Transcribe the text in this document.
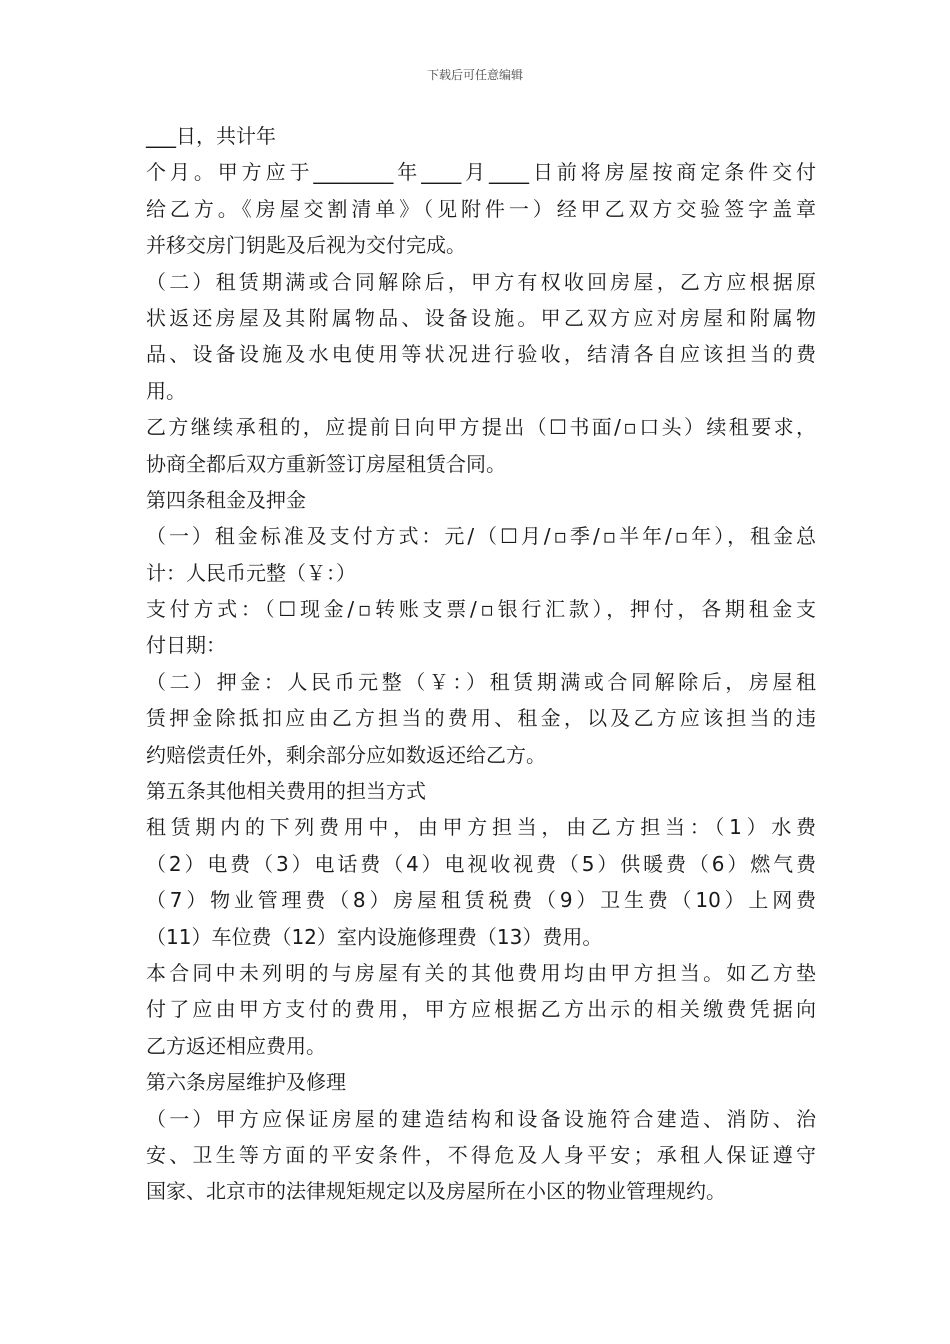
下载后可任意编辑
___日，共计年
个月。甲方应于________年____月____日前将房屋按商定条件交付
给乙方。《房屋交割清单》（见附件一）经甲乙双方交验签字盖章
并移交房门钥匙及后视为交付完成。
（二）租赁期满或合同解除后，甲方有权收回房屋，乙方应根据原
状返还房屋及其附属物品、设备设施。甲乙双方应对房屋和附属物
品、设备设施及水电使用等状况进行验收，结清各自应该担当的费
用。
乙方继续承租的，应提前日向甲方提出（☐书面/▫口头）续租要求，
协商全都后双方重新签订房屋租赁合同。
第四条租金及押金
（一）租金标准及支付方式：元/（☐月/▫季/▫半年/▫年），租金总
计：人民币元整（￥：）
支付方式：（☐现金/▫转账支票/▫银行汇款），押付，各期租金支
付日期：
（二）押金：人民币元整（￥：）租赁期满或合同解除后，房屋租
赁押金除抵扣应由乙方担当的费用、租金，以及乙方应该担当的违
约赔偿责任外，剩余部分应如数返还给乙方。
第五条其他相关费用的担当方式
租赁期内的下列费用中，由甲方担当，由乙方担当：（1）水费
（2）电费（3）电话费（4）电视收视费（5）供暖费（6）燃气费
（7）物业管理费（8）房屋租赁税费（9）卫生费（10）上网费
（11）车位费（12）室内设施修理费（13）费用。
本合同中未列明的与房屋有关的其他费用均由甲方担当。如乙方垫
付了应由甲方支付的费用，甲方应根据乙方出示的相关缴费凭据向
乙方返还相应费用。
第六条房屋维护及修理
（一）甲方应保证房屋的建造结构和设备设施符合建造、消防、治
安、卫生等方面的平安条件，不得危及人身平安；承租人保证遵守
国家、北京市的法律规矩规定以及房屋所在小区的物业管理规约。
